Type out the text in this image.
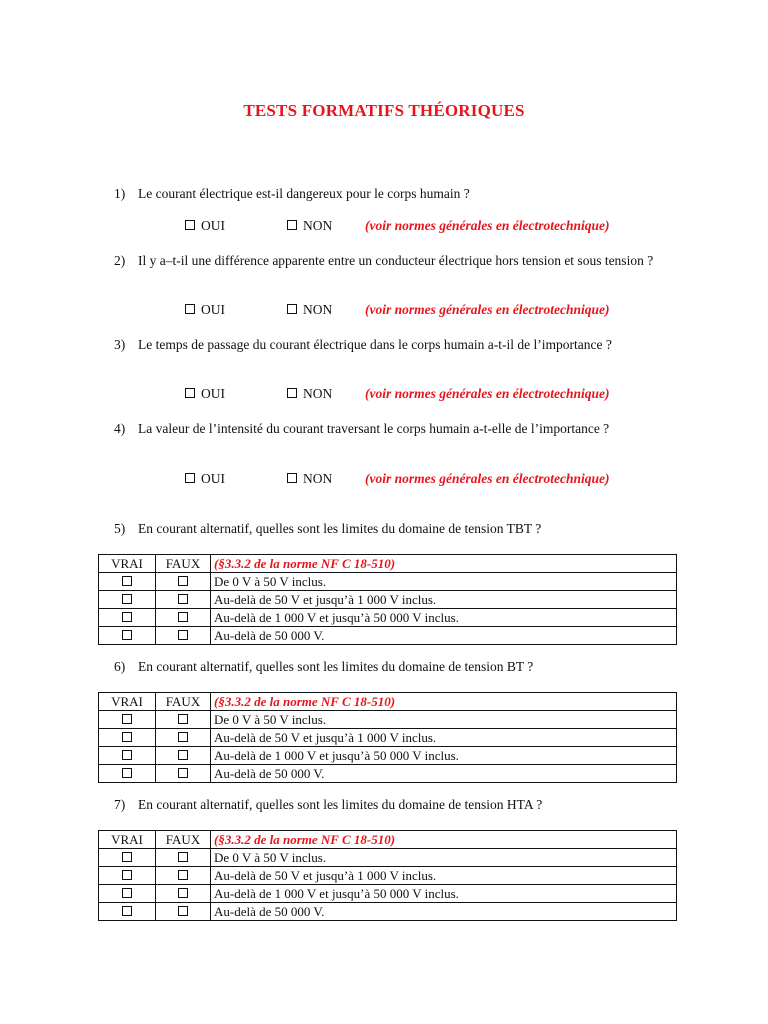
TESTS FORMATIFS THÉORIQUES
1) Le courant électrique est-il dangereux pour le corps humain ?
OUI	NON (voir normes générales en électrotechnique)
2) Il y a–t-il une différence apparente entre un conducteur électrique hors tension et sous tension ?
OUI	NON (voir normes générales en électrotechnique)
3) Le temps de passage du courant électrique dans le corps humain a-t-il de l’importance ?
OUI	NON (voir normes générales en électrotechnique)
4) La valeur de l’intensité du courant traversant le corps humain a-t-elle de l’importance ?
OUI	NON (voir normes générales en électrotechnique)
5) En courant alternatif, quelles sont les limites du domaine de tension TBT ?
VRAI	FAUX	(§3.3.2 de la norme NF C 18-510)
		De 0 V à 50 V inclus.
		Au-delà de 50 V et jusqu’à 1 000 V inclus.
		Au-delà de 1 000 V et jusqu’à 50 000 V inclus.
		Au-delà de 50 000 V.
6) En courant alternatif, quelles sont les limites du domaine de tension BT ?
VRAI	FAUX	(§3.3.2 de la norme NF C 18-510)
		De 0 V à 50 V inclus.
		Au-delà de 50 V et jusqu’à 1 000 V inclus.
		Au-delà de 1 000 V et jusqu’à 50 000 V inclus.
		Au-delà de 50 000 V.
7) En courant alternatif, quelles sont les limites du domaine de tension HTA ?
VRAI	FAUX	(§3.3.2 de la norme NF C 18-510)
		De 0 V à 50 V inclus.
		Au-delà de 50 V et jusqu’à 1 000 V inclus.
		Au-delà de 1 000 V et jusqu’à 50 000 V inclus.
		Au-delà de 50 000 V.
